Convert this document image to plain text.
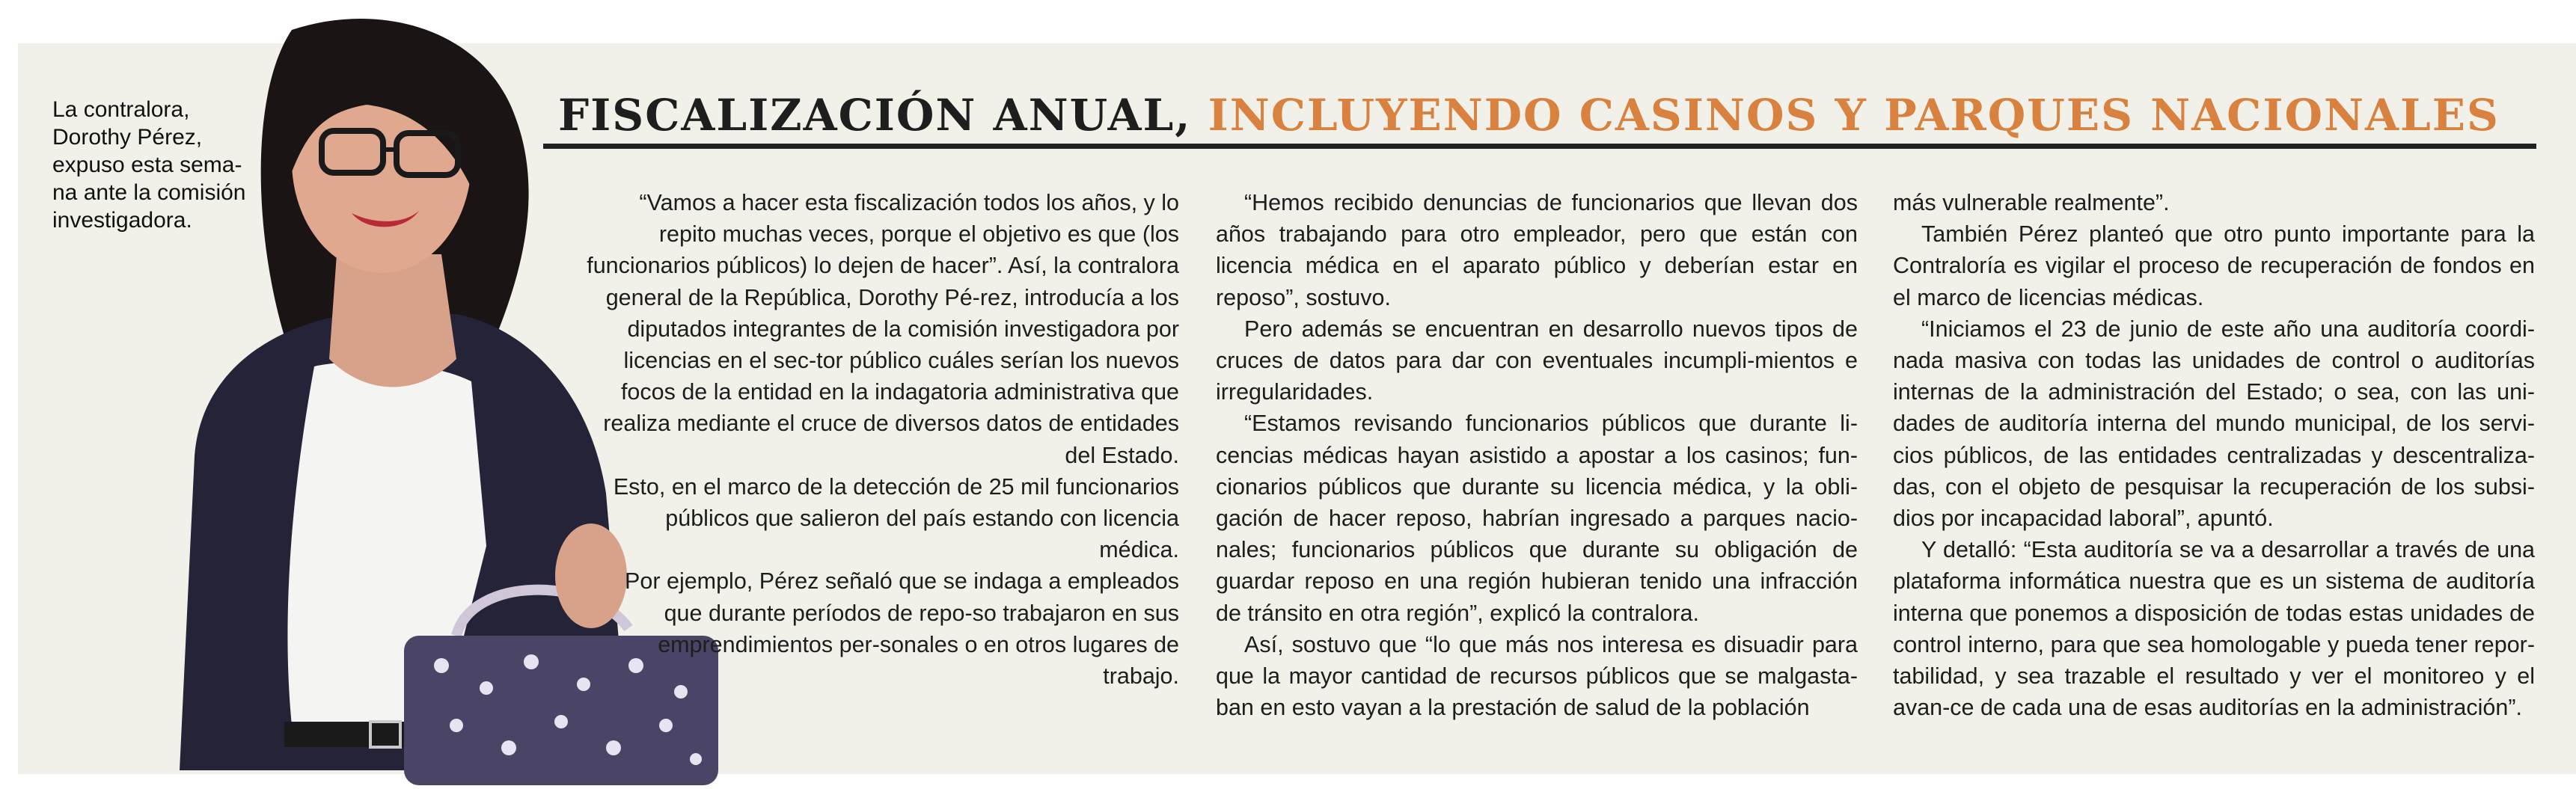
La contralora,
Dorothy Pérez,
expuso esta sema-
na ante la comisión
investigadora.
FISCALIZACIÓN ANUAL, INCLUYENDO CASINOS Y PARQUES NACIONALES

“Vamos a hacer esta fiscalización todos los años, y lo repito muchas veces, porque el objetivo es que (los funcionarios públicos) lo dejen de hacer”. Así, la contralora general de la República, Dorothy Pé-rez, introducía a los diputados integrantes de la comisión investigadora por licencias en el sec-tor público cuáles serían los nuevos focos de la entidad en la indagatoria administrativa que realiza mediante el cruce de diversos datos de entidades del Estado.

Esto, en el marco de la detección de 25 mil funcionarios públicos que salieron del país estando con licencia médica.

Por ejemplo, Pérez señaló que se indaga a empleados que durante períodos de repo-so trabajaron en sus emprendimientos per-sonales o en otros lugares de trabajo.

“Hemos recibido denuncias de funcionarios que llevan dos años trabajando para otro empleador, pero que están con licencia médica en el aparato público y deberían estar en reposo”, sostuvo.

Pero además se encuentran en desarrollo nuevos tipos de cruces de datos para dar con eventuales incumpli-mientos e irregularidades.

“Estamos revisando funcionarios públicos que durante li-cencias médicas hayan asistido a apostar a los casinos; fun-cionarios públicos que durante su licencia médica, y la obli-gación de hacer reposo, habrían ingresado a parques nacio-nales; funcionarios públicos que durante su obligación de guardar reposo en una región hubieran tenido una infracción de tránsito en otra región”, explicó la contralora.

Así, sostuvo que “lo que más nos interesa es disuadir para que la mayor cantidad de recursos públicos que se malgasta-ban en esto vayan a la prestación de salud de la población

más vulnerable realmente”.

También Pérez planteó que otro punto importante para la Contraloría es vigilar el proceso de recuperación de fondos en el marco de licencias médicas.

“Iniciamos el 23 de junio de este año una auditoría coordi-nada masiva con todas las unidades de control o auditorías internas de la administración del Estado; o sea, con las uni-dades de auditoría interna del mundo municipal, de los servi-cios públicos, de las entidades centralizadas y descentraliza-das, con el objeto de pesquisar la recuperación de los subsi-dios por incapacidad laboral”, apuntó.

Y detalló: “Esta auditoría se va a desarrollar a través de una plataforma informática nuestra que es un sistema de auditoría interna que ponemos a disposición de todas estas unidades de control interno, para que sea homologable y pueda tener repor-tabilidad, y sea trazable el resultado y ver el monitoreo y el avan-ce de cada una de esas auditorías en la administración”.
